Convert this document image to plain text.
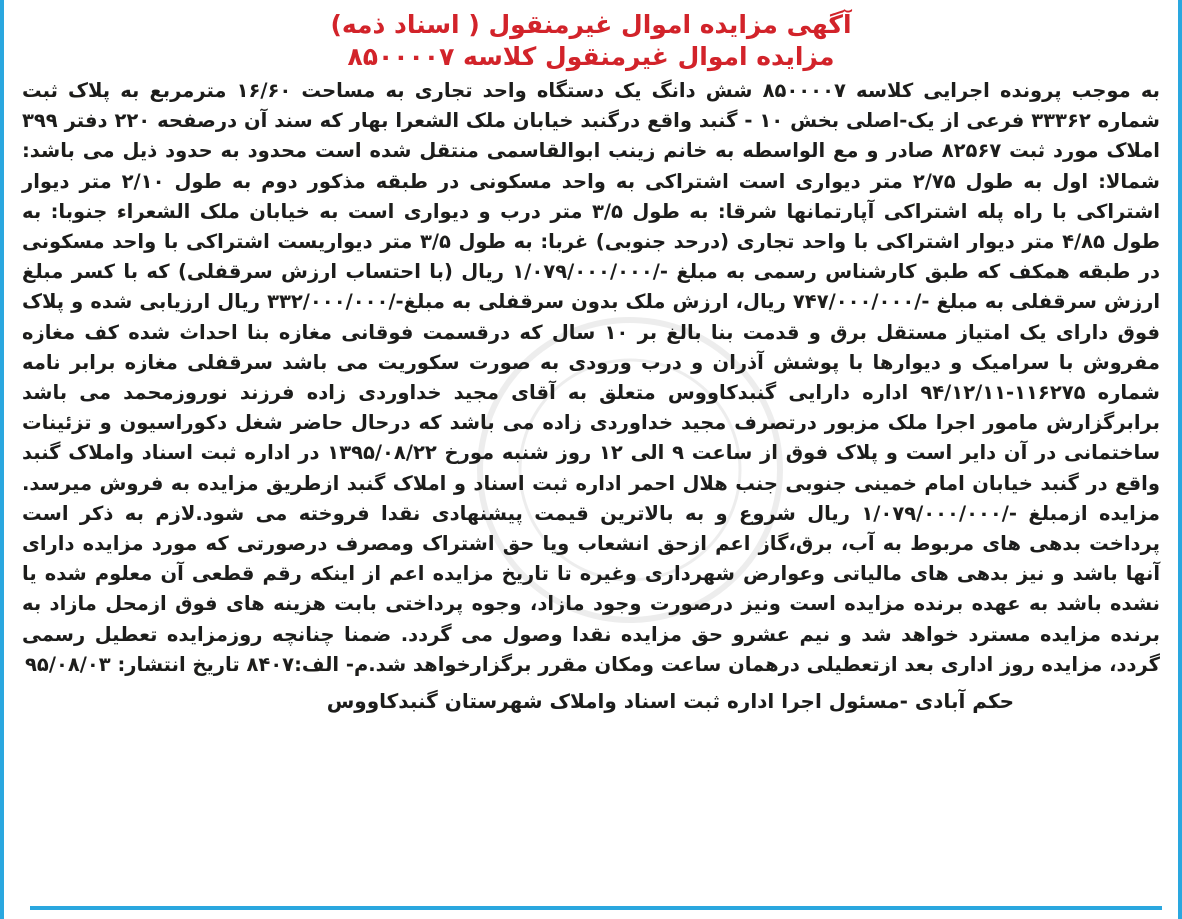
آگهی مزایده اموال غیرمنقول ( اسناد ذمه)
مزایده اموال غیرمنقول کلاسه ۸۵۰۰۰۰۷

به موجب پرونده اجرایی کلاسه ۸۵۰۰۰۰۷ شش دانگ یک دستگاه واحد تجاری به مساحت ۱۶/۶۰ مترمربع به پلاک ثبت شماره ۳۳۳۶۲ فرعی از یک-اصلی بخش ۱۰ - گنبد واقع درگنبد خیابان ملک الشعرا بهار که سند آن درصفحه ۲۲۰ دفتر ۳۹۹ املاک مورد ثبت ۸۲۵۶۷ صادر و مع الواسطه به خانم زینب ابوالقاسمی منتقل شده است محدود به حدود ذیل می باشد: شمالا: اول به طول ۲/۷۵ متر دیواری است اشتراکی به واحد مسکونی در طبقه مذکور دوم به طول ۲/۱۰ متر دیوار اشتراکی با راه پله اشتراکی آپارتمانها شرقا: به طول ۳/۵ متر درب و دیواری است به خیابان ملک الشعراء جنوبا: به طول ۴/۸۵ متر دیوار اشتراکی با واحد تجاری (درحد جنوبی) غربا: به طول ۳/۵ متر دیواریست اشتراکی با واحد مسکونی در طبقه همکف که طبق کارشناس رسمی به مبلغ -/۱/۰۷۹/۰۰۰/۰۰۰ ریال (با احتساب ارزش سرقفلی) که با کسر مبلغ ارزش سرقفلی به مبلغ -/۷۴۷/۰۰۰/۰۰۰ ریال، ارزش ملک بدون سرقفلی به مبلغ-/۳۳۲/۰۰۰/۰۰۰ ریال ارزیابی شده و پلاک فوق دارای یک امتیاز مستقل برق و قدمت بنا بالغ بر ۱۰ سال که درقسمت فوقانی مغازه بنا احداث شده کف مغازه مفروش با سرامیک و دیوارها با پوشش آذران و درب ورودی به صورت سکوریت می باشد سرقفلی مغازه برابر نامه شماره ۱۱۶۲۷۵-۹۴/۱۲/۱۱ اداره دارایی گنبدکاووس متعلق به آقای مجید خداوردی زاده فرزند نوروزمحمد می باشد برابرگزارش مامور اجرا ملک مزبور درتصرف مجید خداوردی زاده می باشد که درحال حاضر شغل دکوراسیون و تزئینات ساختمانی در آن دایر است و پلاک فوق از ساعت ۹ الی ۱۲ روز شنبه مورخ ۱۳۹۵/۰۸/۲۲ در اداره ثبت اسناد واملاک گنبد واقع در گنبد خیابان امام خمینی جنوبی جنب هلال احمر اداره ثبت اسناد و املاک گنبد ازطریق مزایده به فروش میرسد. مزایده ازمبلغ -/۱/۰۷۹/۰۰۰/۰۰۰ ریال شروع و به بالاترین قیمت پیشنهادی نقدا فروخته می شود.لازم به ذکر است پرداخت بدهی های مربوط به آب، برق،گاز اعم ازحق انشعاب ویا حق اشتراک ومصرف درصورتی که مورد مزایده دارای آنها باشد و نیز بدهی های مالیاتی وعوارض شهرداری وغیره تا تاریخ مزایده اعم از اینکه رقم قطعی آن معلوم شده یا نشده باشد به عهده برنده مزایده است ونیز درصورت وجود مازاد، وجوه پرداختی بابت هزینه های فوق ازمحل مازاد به برنده مزایده مسترد خواهد شد و نیم عشرو حق مزایده نقدا وصول می گردد. ضمنا چنانچه روزمزایده تعطیل رسمی گردد، مزایده روز اداری بعد ازتعطیلی درهمان ساعت ومکان مقرر برگزارخواهد شد.م- الف:۸۴۰۷ تاریخ انتشار: ۹۵/۰۸/۰۳

حکم آبادی -مسئول اجرا اداره ثبت اسناد واملاک شهرستان گنبدکاووس
